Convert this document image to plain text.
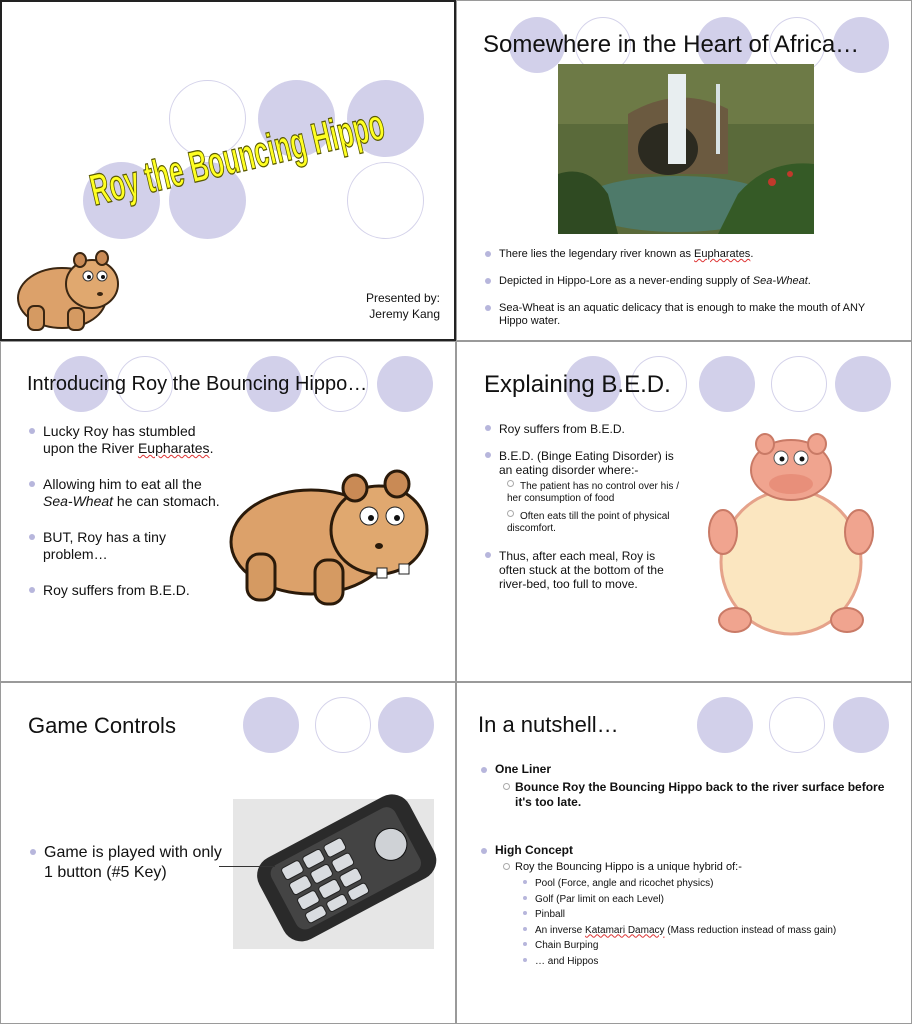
Roy the Bouncing Hippo
Presented by:
Jeremy Kang
Somewhere in the Heart of Africa…
There lies the legendary river known as Eupharates.
Depicted in Hippo-Lore as a never-ending supply of Sea-Wheat.
Sea-Wheat is an aquatic delicacy that is enough to make the mouth of ANY Hippo water.
Introducing Roy the Bouncing Hippo…
Lucky Roy has stumbled upon the River Eupharates.
Allowing him to eat all the Sea-Wheat he can stomach.
BUT, Roy has a tiny problem…
Roy suffers from B.E.D.
Explaining B.E.D.
Roy suffers from B.E.D.
B.E.D. (Binge Eating Disorder) is an eating disorder where:-
The patient has no control over his / her consumption of food
Often eats till the point of physical discomfort.
Thus, after each meal, Roy is often stuck at the bottom of the river-bed, too full to move.
Game Controls
Game is played with only 1 button (#5 Key)
In a nutshell…
One Liner
Bounce Roy the Bouncing Hippo back to the river surface before it's too late.
High Concept
Roy the Bouncing Hippo is a unique hybrid of:-
Pool (Force, angle and ricochet physics)
Golf (Par limit on each Level)
Pinball
An inverse Katamari Damacy (Mass reduction instead of mass gain)
Chain Burping
… and Hippos
